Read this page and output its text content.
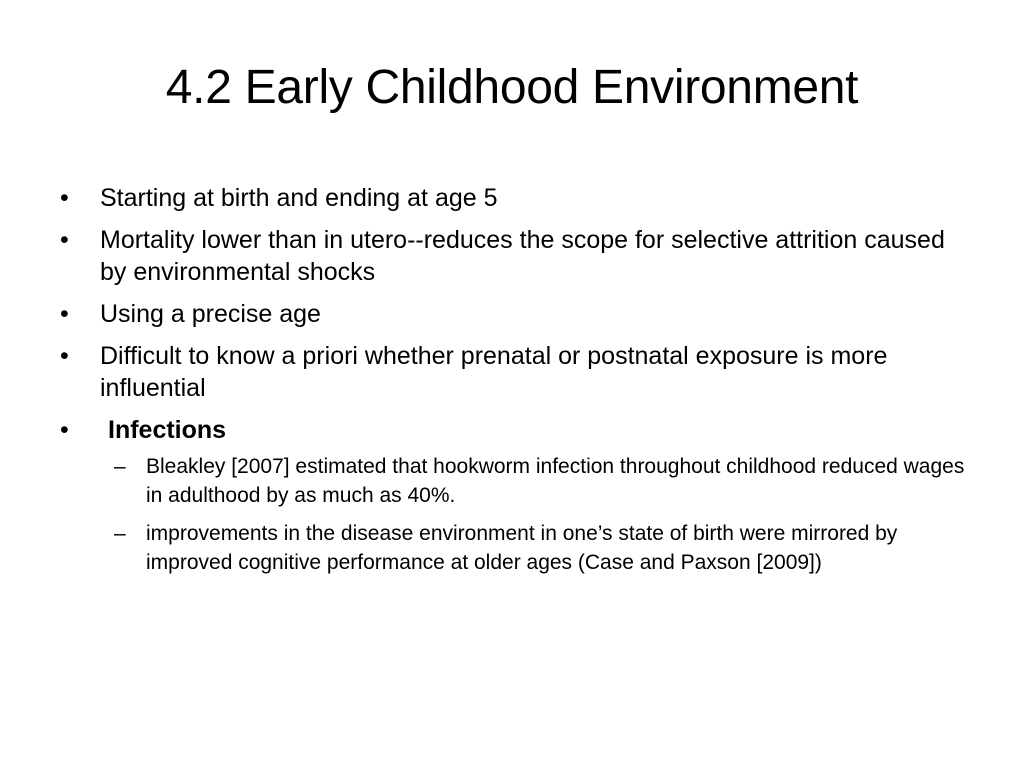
4.2 Early Childhood Environment
• Starting at birth and ending at age 5
• Mortality lower than in utero--reduces the scope for selective attrition caused by environmental shocks
• Using a precise age
• Difficult to know a priori whether prenatal or postnatal exposure is more influential
• Infections
– Bleakley [2007] estimated that hookworm infection throughout childhood reduced wages in adulthood by as much as 40%.
– improvements in the disease environment in one’s state of birth were mirrored by improved cognitive performance at older ages (Case and Paxson [2009])
